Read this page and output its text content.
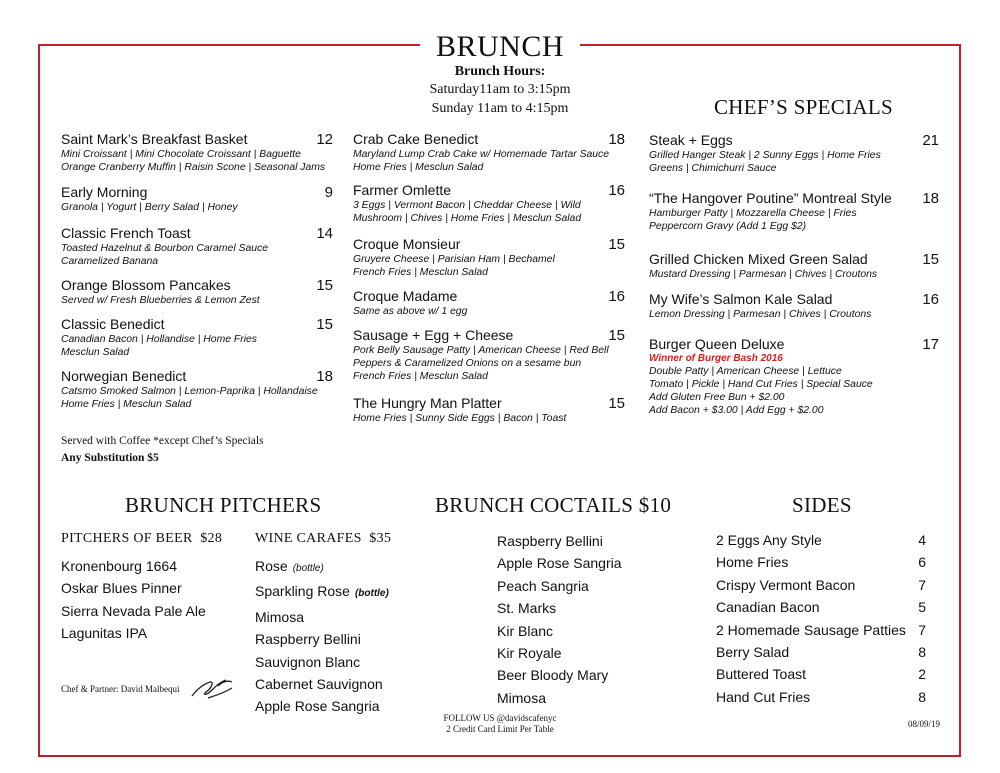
BRUNCH
Brunch Hours:
Saturday11am to 3:15pm
Sunday 11am to 4:15pm
Saint Mark’s Breakfast Basket	12
Mini Croissant | Mini Chocolate Croissant | Baguette
Orange Cranberry Muffin | Raisin Scone | Seasonal Jams
Early Morning	9
Granola | Yogurt | Berry Salad | Honey
Classic French Toast	14
Toasted Hazelnut & Bourbon Caramel Sauce
Caramelized Banana
Orange Blossom Pancakes	15
Served w/ Fresh Blueberries & Lemon Zest
Classic Benedict	15
Canadian Bacon | Hollandise | Home Fries
Mesclun Salad
Norwegian Benedict	18
Catsmo Smoked Salmon | Lemon-Paprika | Hollandaise
Home Fries | Mesclun Salad
Served with Coffee *except Chef’s Specials
Any Substitution $5
Crab Cake Benedict	18
Maryland Lump Crab Cake w/ Homemade Tartar Sauce
Home Fries | Mesclun Salad
Farmer Omlette	16
3 Eggs | Vermont Bacon | Cheddar Cheese | Wild
Mushroom | Chives | Home Fries | Mesclun Salad
Croque Monsieur	15
Gruyere Cheese | Parisian Ham | Bechamel
French Fries | Mesclun Salad
Croque Madame	16
Same as above w/ 1 egg
Sausage + Egg + Cheese	15
Pork Belly Sausage Patty | American Cheese | Red Bell
Peppers & Caramelized Onions on a sesame bun
French Fries | Mesclun Salad
The Hungry Man Platter	15
Home Fries | Sunny Side Eggs | Bacon | Toast
CHEF’S SPECIALS
Steak + Eggs	21
Grilled Hanger Steak | 2 Sunny Eggs | Home Fries
Greens | Chimichurri Sauce
“The Hangover Poutine” Montreal Style 18
Hamburger Patty | Mozzarella Cheese | Fries
Peppercorn Gravy (Add 1 Egg $2)
Grilled Chicken Mixed Green Salad	15
Mustard Dressing | Parmesan | Chives | Croutons
My Wife’s Salmon Kale Salad	16
Lemon Dressing | Parmesan | Chives | Croutons
Burger Queen Deluxe	17
Winner of Burger Bash 2016
Double Patty | American Cheese | Lettuce
Tomato | Pickle | Hand Cut Fries | Special Sauce
Add Gluten Free Bun + $2.00
Add Bacon + $3.00 | Add Egg + $2.00
BRUNCH PITCHERS
PITCHERS OF BEER $28
Kronenbourg 1664
Oskar Blues Pinner
Sierra Nevada Pale Ale
Lagunitas IPA
WINE CARAFES $35
Rose (bottle)
Sparkling Rose (bottle)
Mimosa
Raspberry Bellini
Sauvignon Blanc
Cabernet Sauvignon
Apple Rose Sangria
Chef & Partner: David Malbequi
BRUNCH COCTAILS $10
Raspberry Bellini
Apple Rose Sangria
Peach Sangria
St. Marks
Kir Blanc
Kir Royale
Beer Bloody Mary
Mimosa
SIDES
2 Eggs Any Style	4
Home Fries	6
Crispy Vermont Bacon	7
Canadian Bacon	5
2 Homemade Sausage Patties 7
Berry Salad	8
Buttered Toast	2
Hand Cut Fries	8
FOLLOW US @davidscafenyc
2 Credit Card Limit Per Table	08/09/19
